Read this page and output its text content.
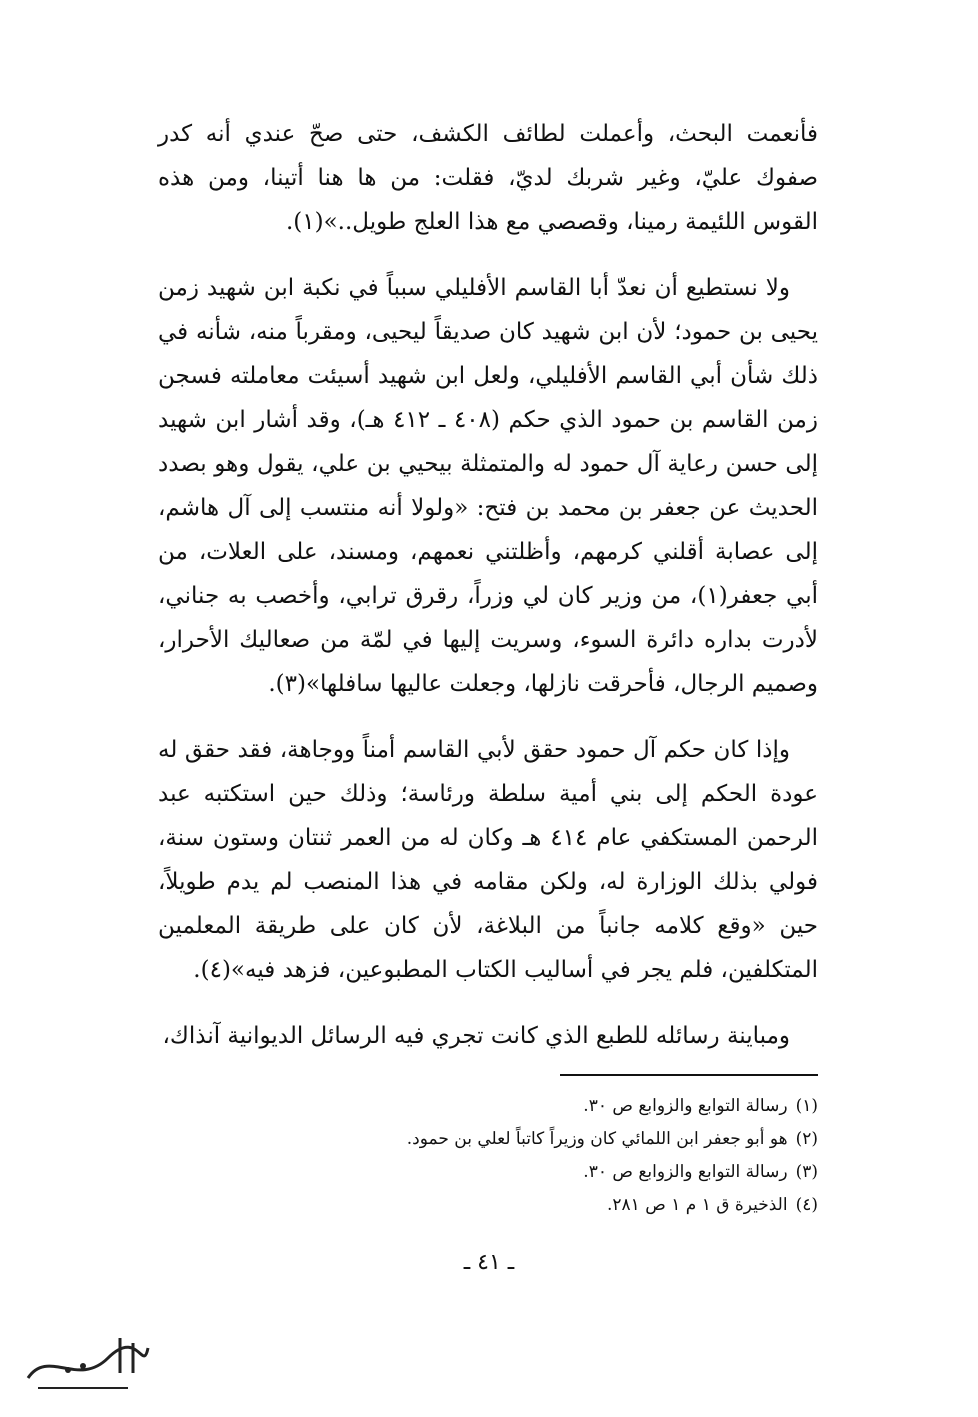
فأنعمت البحث، وأعملت لطائف الكشف، حتى صحّ عندي أنه كدر صفوك عليّ، وغير شربك لديّ، فقلت: من ها هنا أتينا، ومن هذه القوس اللئيمة رمينا، وقصصي مع هذا العلج طويل..»(١).

ولا نستطيع أن نعدّ أبا القاسم الأفليلي سبباً في نكبة ابن شهيد زمن يحيى بن حمود؛ لأن ابن شهيد كان صديقاً ليحيى، ومقرباً منه، شأنه في ذلك شأن أبي القاسم الأفليلي، ولعل ابن شهيد أسيئت معاملته فسجن زمن القاسم بن حمود الذي حكم (٤٠٨ ـ ٤١٢ هـ)، وقد أشار ابن شهيد إلى حسن رعاية آل حمود له والمتمثلة بيحيي بن علي، يقول وهو بصدد الحديث عن جعفر بن محمد بن فتح: «ولولا أنه منتسب إلى آل هاشم، إلى عصابة أقلني كرمهم، وأظلتني نعمهم، ومسند، على العلات، من أبي جعفر(١)، من وزير كان لي وزراً، رقرق ترابي، وأخصب به جناني، لأدرت بداره دائرة السوء، وسريت إليها في لمّة من صعاليك الأحرار، وصميم الرجال، فأحرقت نازلها، وجعلت عاليها سافلها»(٣).

وإذا كان حكم آل حمود حقق لأبي القاسم أمناً ووجاهة، فقد حقق له عودة الحكم إلى بني أمية سلطة ورئاسة؛ وذلك حين استكتبه عبد الرحمن المستكفي عام ٤١٤ هـ وكان له من العمر ثنتان وستون سنة، فولي بذلك الوزارة له، ولكن مقامه في هذا المنصب لم يدم طويلاً، حين «وقع كلامه جانباً من البلاغة، لأن كان على طريقة المعلمين المتكلفين، فلم يجر في أساليب الكتاب المطبوعين، فزهد فيه»(٤).

ومباينة رسائله للطبع الذي كانت تجري فيه الرسائل الديوانية آنذاك،

(١)رسالة التوابع والزوابع ص ٣٠.
(٢)هو أبو جعفر ابن اللمائي كان وزيراً كاتباً لعلي بن حمود.
(٣)رسالة التوابع والزوابع ص ٣٠.
(٤)الذخيرة ق ١ م ١ ص ٢٨١.
ـ ٤١ ـ
